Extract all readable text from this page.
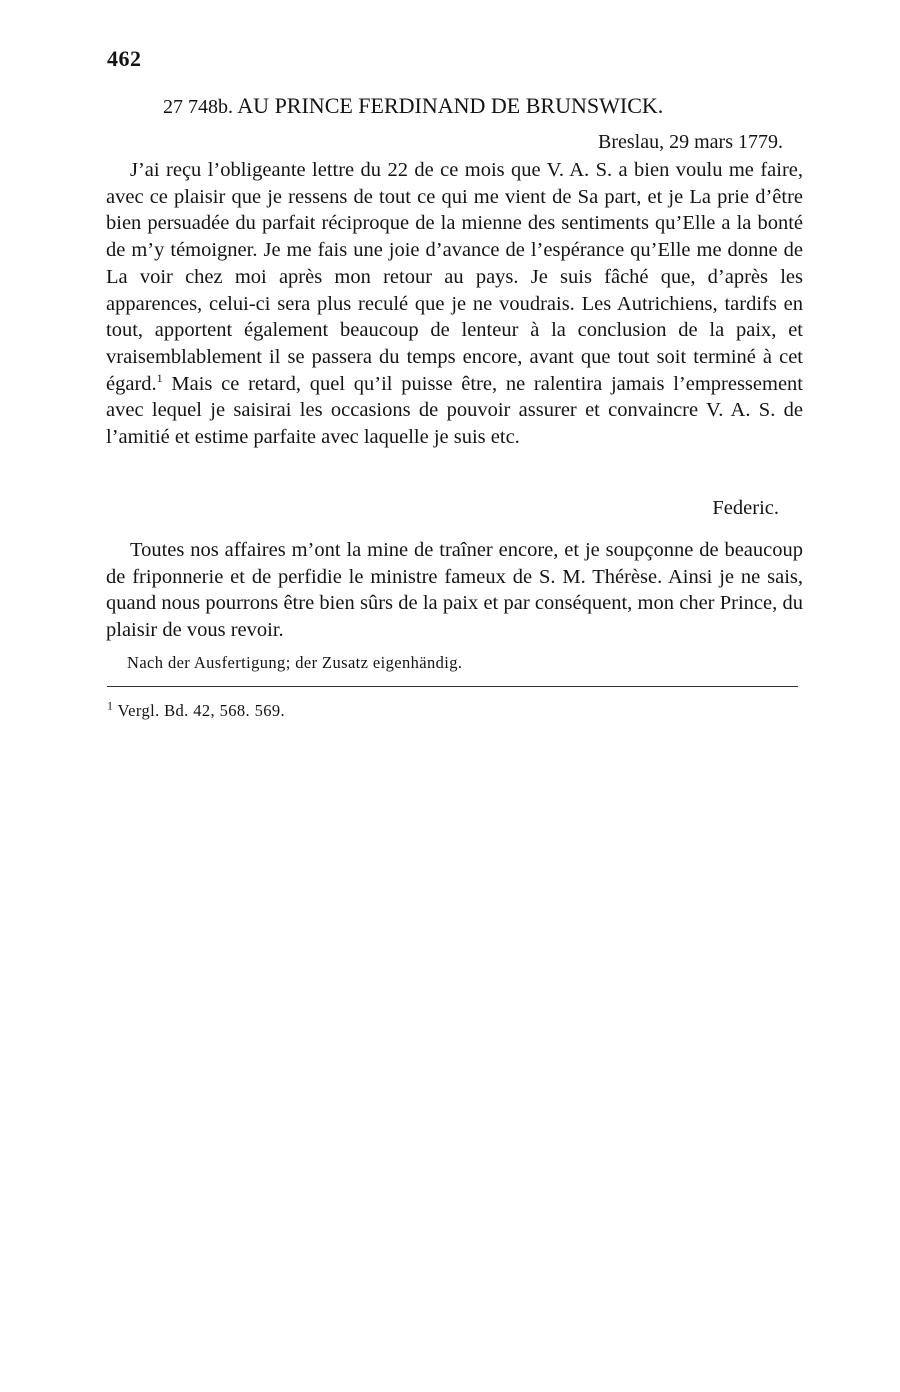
462
27 748b. AU PRINCE FERDINAND DE BRUNSWICK.
Breslau, 29 mars 1779.

J’ai reçu l’obligeante lettre du 22 de ce mois que V. A. S. a bien voulu me faire, avec ce plaisir que je ressens de tout ce qui me vient de Sa part, et je La prie d’être bien persuadée du parfait réciproque de la mienne des sentiments qu’Elle a la bonté de m’y témoigner. Je me fais une joie d’avance de l’espérance qu’Elle me donne de La voir chez moi après mon retour au pays. Je suis fâché que, d’après les apparences, celui-ci sera plus reculé que je ne voudrais. Les Autrichiens, tardifs en tout, apportent également beaucoup de lenteur à la conclusion de la paix, et vraisemblablement il se passera du temps encore, avant que tout soit terminé à cet égard.$^1$ Mais ce retard, quel qu’il puisse être, ne ralentira jamais l’empressement avec lequel je saisirai les occasions de pouvoir assurer et convaincre V. A. S. de l’amitié et estime parfaite avec laquelle je suis etc.

Federic.

Toutes nos affaires m’ont la mine de traîner encore, et je soupçonne de beaucoup de friponnerie et de perfidie le ministre fameux de S. M. Thérèse. Ainsi je ne sais, quand nous pourrons être bien sûrs de la paix et par conséquent, mon cher Prince, du plaisir de vous revoir.

Nach der Ausfertigung; der Zusatz eigenhändig.
$^1$ Vergl. Bd. 42, 568. 569.
